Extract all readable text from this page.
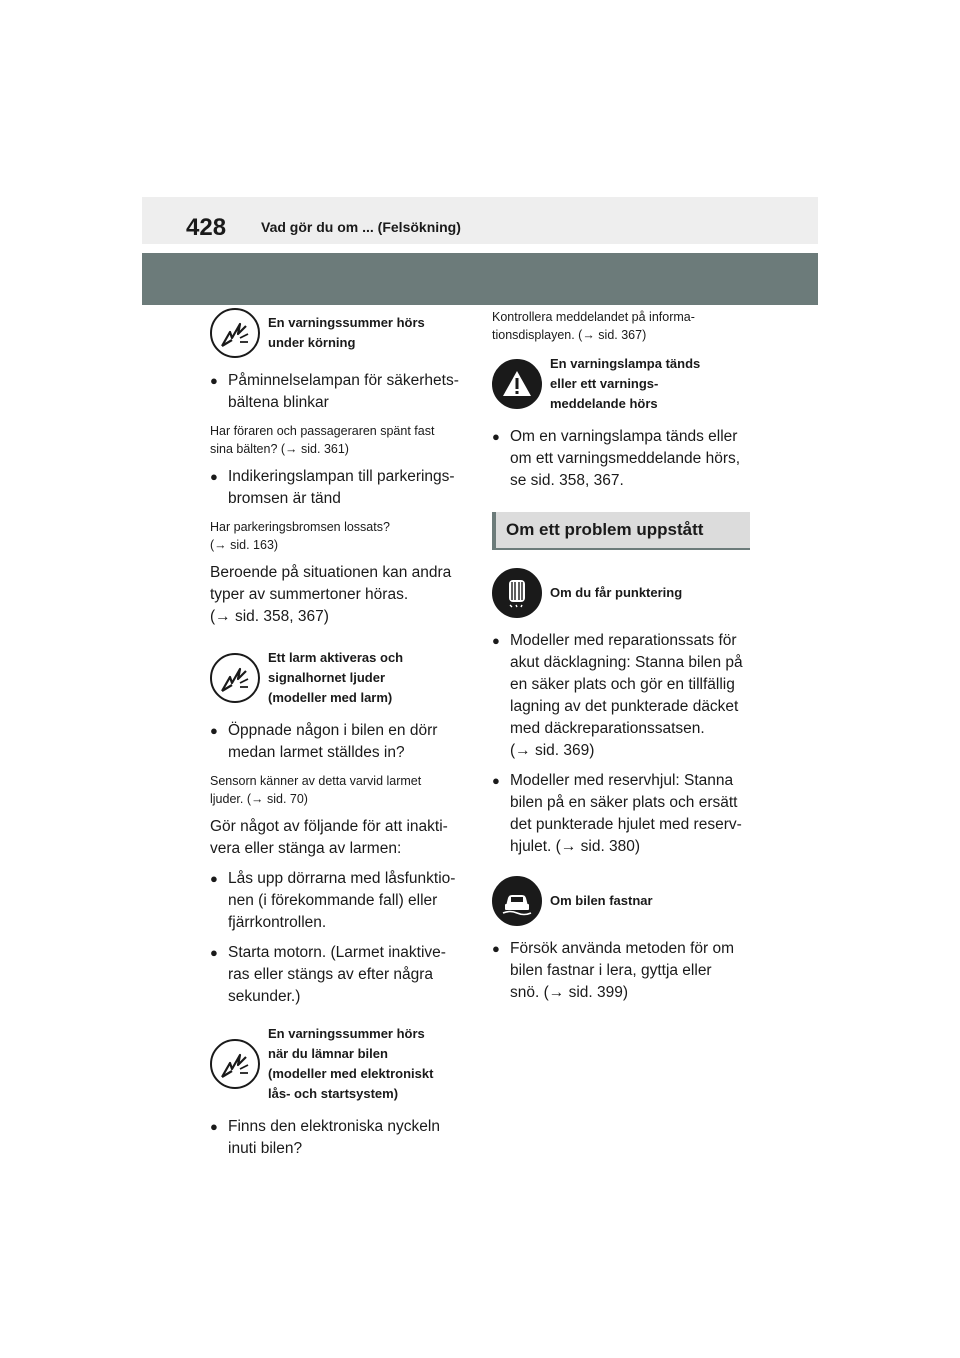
428 Vad gör du om ... (Felsökning)
En varningssummer hörs
under körning
● Påminnelselampan för säkerhets-
bältena blinkar
Har föraren och passageraren spänt fast
sina bälten? (→ sid. 361)
● Indikeringslampan till parkerings-
bromsen är tänd
Har parkeringsbromsen lossats?
(→ sid. 163)
Beroende på situationen kan andra
typer av summertoner höras.
(→ sid. 358, 367)
Ett larm aktiveras och
signalhornet ljuder
(modeller med larm)
● Öppnade någon i bilen en dörr
medan larmet ställdes in?
Sensorn känner av detta varvid larmet
ljuder. (→ sid. 70)
Gör något av följande för att inakti-
vera eller stänga av larmen:
● Lås upp dörrarna med låsfunktio-
nen (i förekommande fall) eller
fjärrkontrollen.
● Starta motorn. (Larmet inaktive-
ras eller stängs av efter några
sekunder.)
En varningssummer hörs
när du lämnar bilen
(modeller med elektroniskt
lås- och startsystem)
● Finns den elektroniska nyckeln
inuti bilen?
Kontrollera meddelandet på informa-
tionsdisplayen. (→ sid. 367)
En varningslampa tänds
eller ett varnings-
meddelande hörs
● Om en varningslampa tänds eller
om ett varningsmeddelande hörs,
se sid. 358, 367.
Om ett problem uppstått
Om du får punktering
● Modeller med reparationssats för
akut däcklagning: Stanna bilen på
en säker plats och gör en tillfällig
lagning av det punkterade däcket
med däckreparationssatsen.
(→ sid. 369)
● Modeller med reservhjul: Stanna
bilen på en säker plats och ersätt
det punkterade hjulet med reserv-
hjulet. (→ sid. 380)
Om bilen fastnar
● Försök använda metoden för om
bilen fastnar i lera, gyttja eller
snö. (→ sid. 399)
